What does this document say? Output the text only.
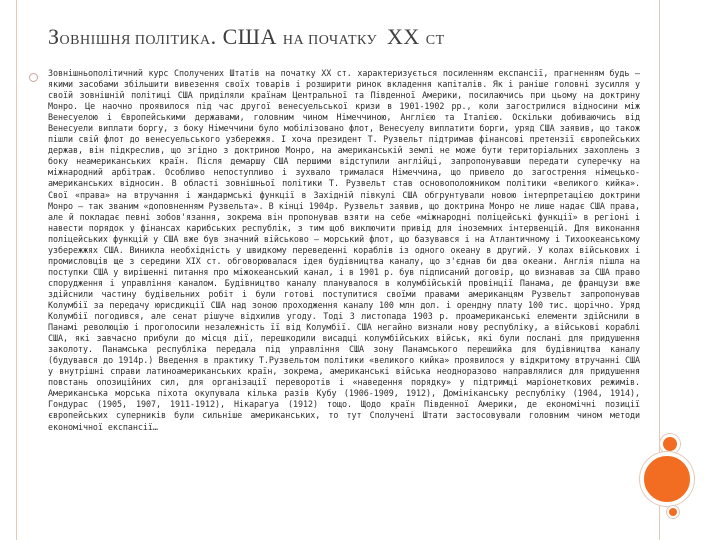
ЗОВНІШНЯ ПОЛІТИКА. США НА ПОЧАТКУ ХХ СТ

Зовнішньополітичний курс Сполучених Штатів на початку ХХ ст. характеризується посиленням експансії, прагненням будь – якими засобами збільшити вивезення своїх товарів і розширити ринок вкладення капіталів. Як і раніше головні зусилля у своїй зовнішній політиці США приділяли країнам Центральної та Південної Америки, посилаючись при цьому на доктрину Монро. Це наочно проявилося під час другої венесуельської кризи в 1901-1902 рр., коли загострилися відносини між Венесуелою і Європейськими державами, головним чином Німеччиною, Англією та Італією. Оскільки добиваючись від Венесуели виплати боргу, з боку Німеччини було мобілізовано флот, Венесуелу виплатити борги, уряд США заявив, що також пішли свій флот до венесуельського узбережжя. І хоча президент Т. Рузвельт підтримав фінансові претензії європейських держав, він підкреслив, що згідно з доктриною Монро, на американській землі не може бути територіальних захоплень з боку неамериканських країн. Після демаршу США першими відступили англійці, запропонувавши передати суперечку на міжнародний арбітраж. Особливо непоступливо і зухвало трималася Німеччина, що привело до загострення німецько-американських відносин. В області зовнішньої політики Т. Рузвельт став основоположником політики «великого кийка». Свої «права» на втручання і жандармські функції в Західній півкулі США обгрунтували новою інтерпретацією доктрини Монро – так званим «доповненням Рузвельта». В кінці 1904р. Рузвельт заявив, що доктрина Монро не лише надає США права, але й покладає певні зобов'язання, зокрема він пропонував взяти на себе «міжнародні поліцейські функції» в регіоні і навести порядок у фінансах карибських республік, з тим щоб виключити привід для іноземних інтервенцій. Для виконання поліцейських функцій у США вже був значний військово – морський флот, що базувався і на Атлантичному і Тихоокеанському узбережжях США. Виникла необхідність у швидкому переведенні кораблів із одного океану в другий. У колах військових і промисловців ще з середини ХІХ ст. обговорювалася ідея будівництва каналу, що з'єднав би два океани. Англія пішла на поступки США у вирішенні питання про міжокеанський канал, і в 1901 р. був підписаний договір, що визнавав за США право спорудження і управління каналом. Будівництво каналу планувалося в колумбійській провінції Панама, де французи вже здійснили частину будівельних робіт і були готові поступитися своїми правами американцям Рузвельт запропонував Колумбії за передачу юрисдикції США над зоною проходження каналу 100 млн дол. і орендну плату 100 тис. щорічно. Уряд Колумбії погодився, але сенат рішуче відхилив угоду. Тоді 3 листопада 1903 р. проамериканські елементи здійснили в Панамі революцію і проголосили незалежність її від Колумбії. США негайно визнали нову республіку, а військові кораблі США, які завчасно прибули до місця дії, перешкодили висадці колумбійських військ, які були послані для придушення заколоту. Панамська республіка передала під управління США зону Панамського перешийка для будівництва каналу (будувався до 1914р.) Введення в практику Т.Рузвельтом політики «великого кийка» проявилося у відкритому втручанні США у внутрішні справи латиноамериканських країн, зокрема, американські війська неодноразово направлялися для придушення повстань опозиційних сил, для організації переворотів і «наведення порядку» у підтримці маріонеткових режимів. Американська морська піхота окупувала кілька разів Кубу (1906-1909, 1912), Домініканську республіку (1904, 1914), Гондурас (1905, 1907, 1911-1912), Нікарагуа (1912) тощо. Щодо країн Південної Америки, де економічні позиції європейських суперників були сильніше американських, то тут Сполучені Штати застосовували головним чином методи економічної експансії…
